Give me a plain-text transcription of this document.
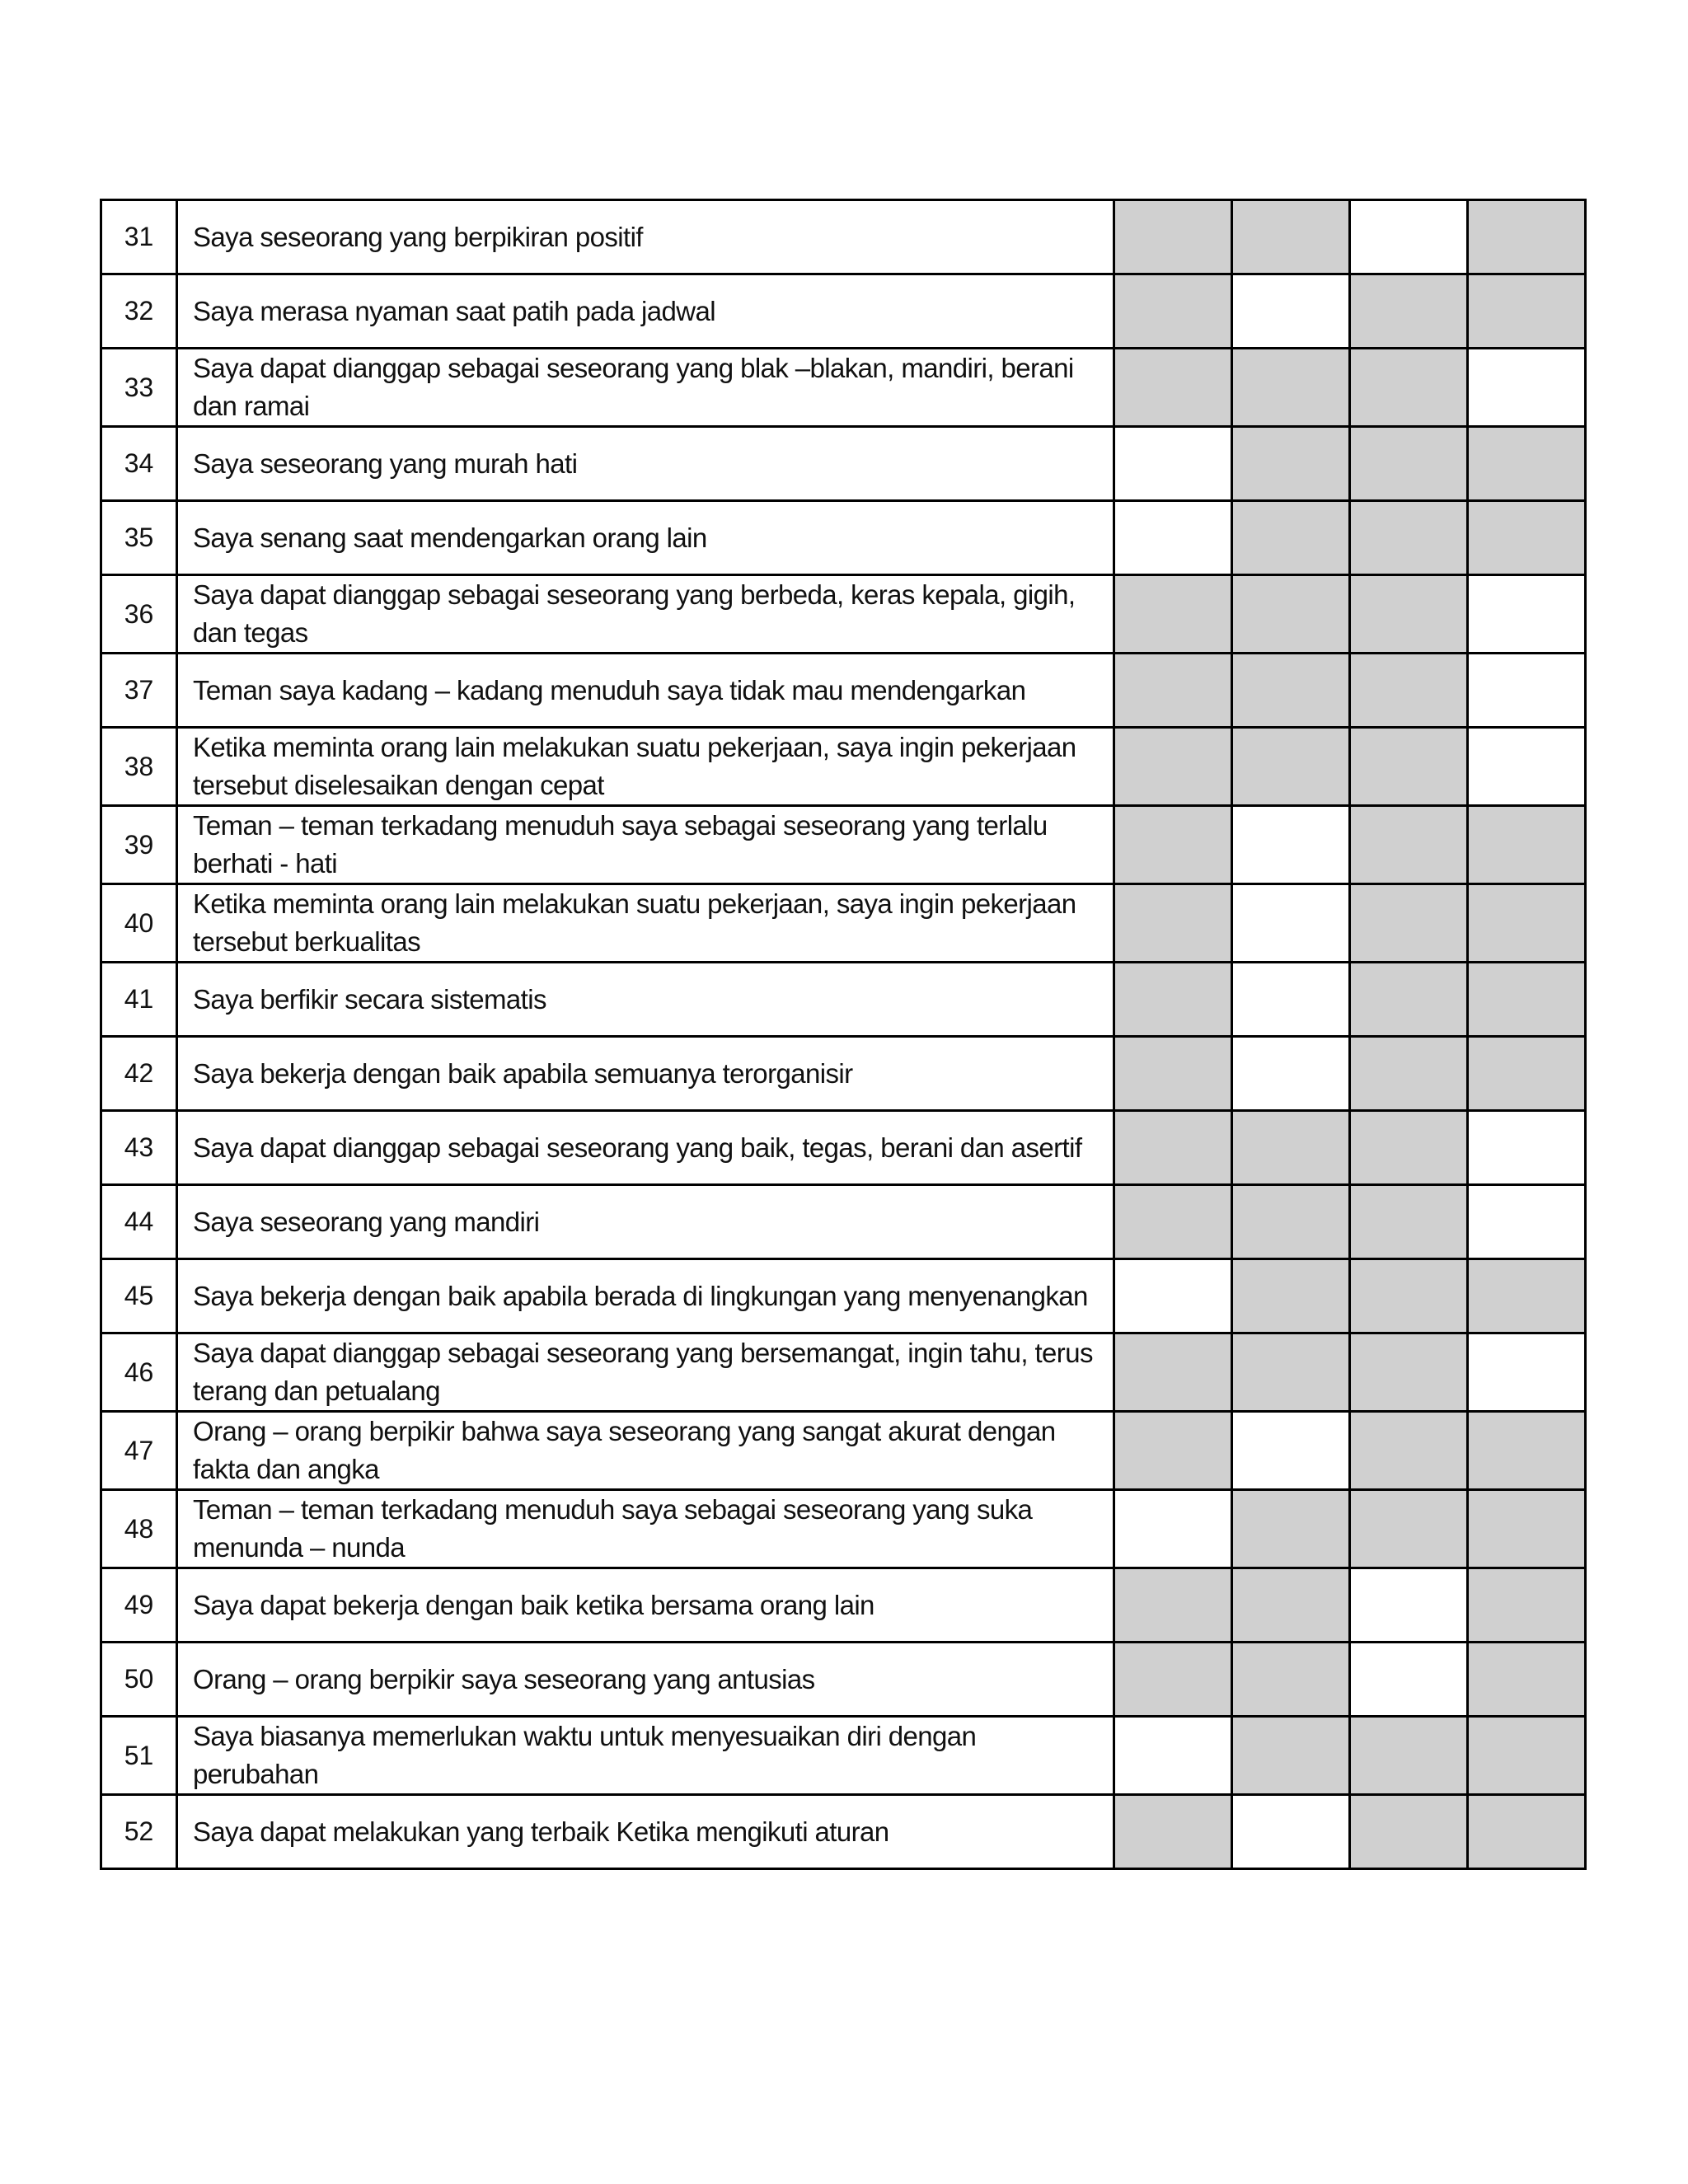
31	Saya seseorang yang berpikiran positif				
32	Saya merasa nyaman saat patih pada jadwal				
33	Saya dapat dianggap sebagai seseorang yang blak –blakan, mandiri, berani dan ramai				
34	Saya seseorang yang murah hati				
35	Saya senang saat mendengarkan orang lain				
36	Saya dapat dianggap sebagai seseorang yang berbeda, keras kepala, gigih, dan tegas				
37	Teman saya kadang – kadang menuduh saya tidak mau mendengarkan				
38	Ketika meminta orang lain melakukan suatu pekerjaan, saya ingin pekerjaan tersebut diselesaikan dengan cepat				
39	Teman – teman terkadang menuduh saya sebagai seseorang yang terlalu berhati - hati				
40	Ketika meminta orang lain melakukan suatu pekerjaan, saya ingin pekerjaan tersebut berkualitas				
41	Saya berfikir secara sistematis				
42	Saya bekerja dengan baik apabila semuanya terorganisir				
43	Saya dapat dianggap sebagai seseorang yang baik, tegas, berani dan asertif				
44	Saya seseorang yang mandiri				
45	Saya bekerja dengan baik apabila berada di lingkungan yang menyenangkan				
46	Saya dapat dianggap sebagai seseorang yang bersemangat, ingin tahu, terus terang dan petualang				
47	Orang – orang berpikir bahwa saya seseorang yang sangat akurat dengan fakta dan angka				
48	Teman – teman terkadang menuduh saya sebagai seseorang yang suka menunda – nunda				
49	Saya dapat bekerja dengan baik ketika bersama orang lain				
50	Orang – orang berpikir saya seseorang yang antusias				
51	Saya biasanya memerlukan waktu untuk menyesuaikan diri dengan perubahan				
52	Saya dapat melakukan yang terbaik Ketika mengikuti aturan				
